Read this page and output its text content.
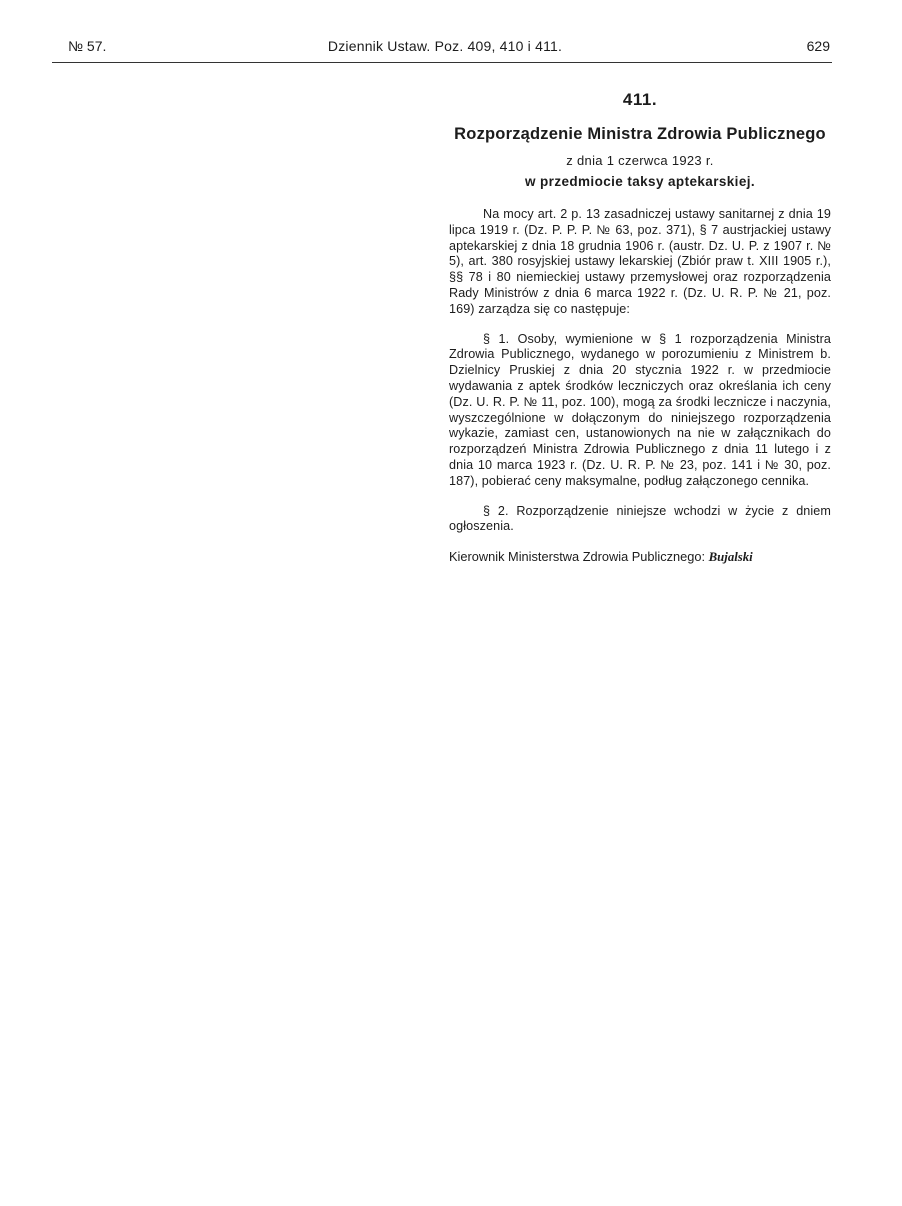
№ 57.	Dziennik Ustaw. Poz. 409, 410 i 411.	629
411.
Rozporządzenie Ministra Zdrowia Publicznego
z dnia 1 czerwca 1923 r.
w przedmiocie taksy aptekarskiej.

Na mocy art. 2 p. 13 zasadniczej ustawy sanitarnej z dnia 19 lipca 1919 r. (Dz. P. P. P. № 63, poz. 371), § 7 austrjackiej ustawy aptekarskiej z dnia 18 grudnia 1906 r. (austr. Dz. U. P. z 1907 r. № 5), art. 380 rosyjskiej ustawy lekarskiej (Zbiór praw t. XIII 1905 r.), §§ 78 i 80 niemieckiej ustawy przemysłowej oraz rozporządzenia Rady Ministrów z dnia 6 marca 1922 r. (Dz. U. R. P. № 21, poz. 169) zarządza się co następuje:

§ 1. Osoby, wymienione w § 1 rozporządzenia Ministra Zdrowia Publicznego, wydanego w porozumieniu z Ministrem b. Dzielnicy Pruskiej z dnia 20 stycznia 1922 r. w przedmiocie wydawania z aptek środków leczniczych oraz określania ich ceny (Dz. U. R. P. № 11, poz. 100), mogą za środki lecznicze i naczynia, wyszczególnione w dołączonym do niniejszego rozporządzenia wykazie, zamiast cen, ustanowionych na nie w załącznikach do rozporządzeń Ministra Zdrowia Publicznego z dnia 11 lutego i z dnia 10 marca 1923 r. (Dz. U. R. P. № 23, poz. 141 i № 30, poz. 187), pobierać ceny maksymalne, podług załączonego cennika.

§ 2. Rozporządzenie niniejsze wchodzi w życie z dniem ogłoszenia.

Kierownik Ministerstwa Zdrowia Publicznego: Bujalski
